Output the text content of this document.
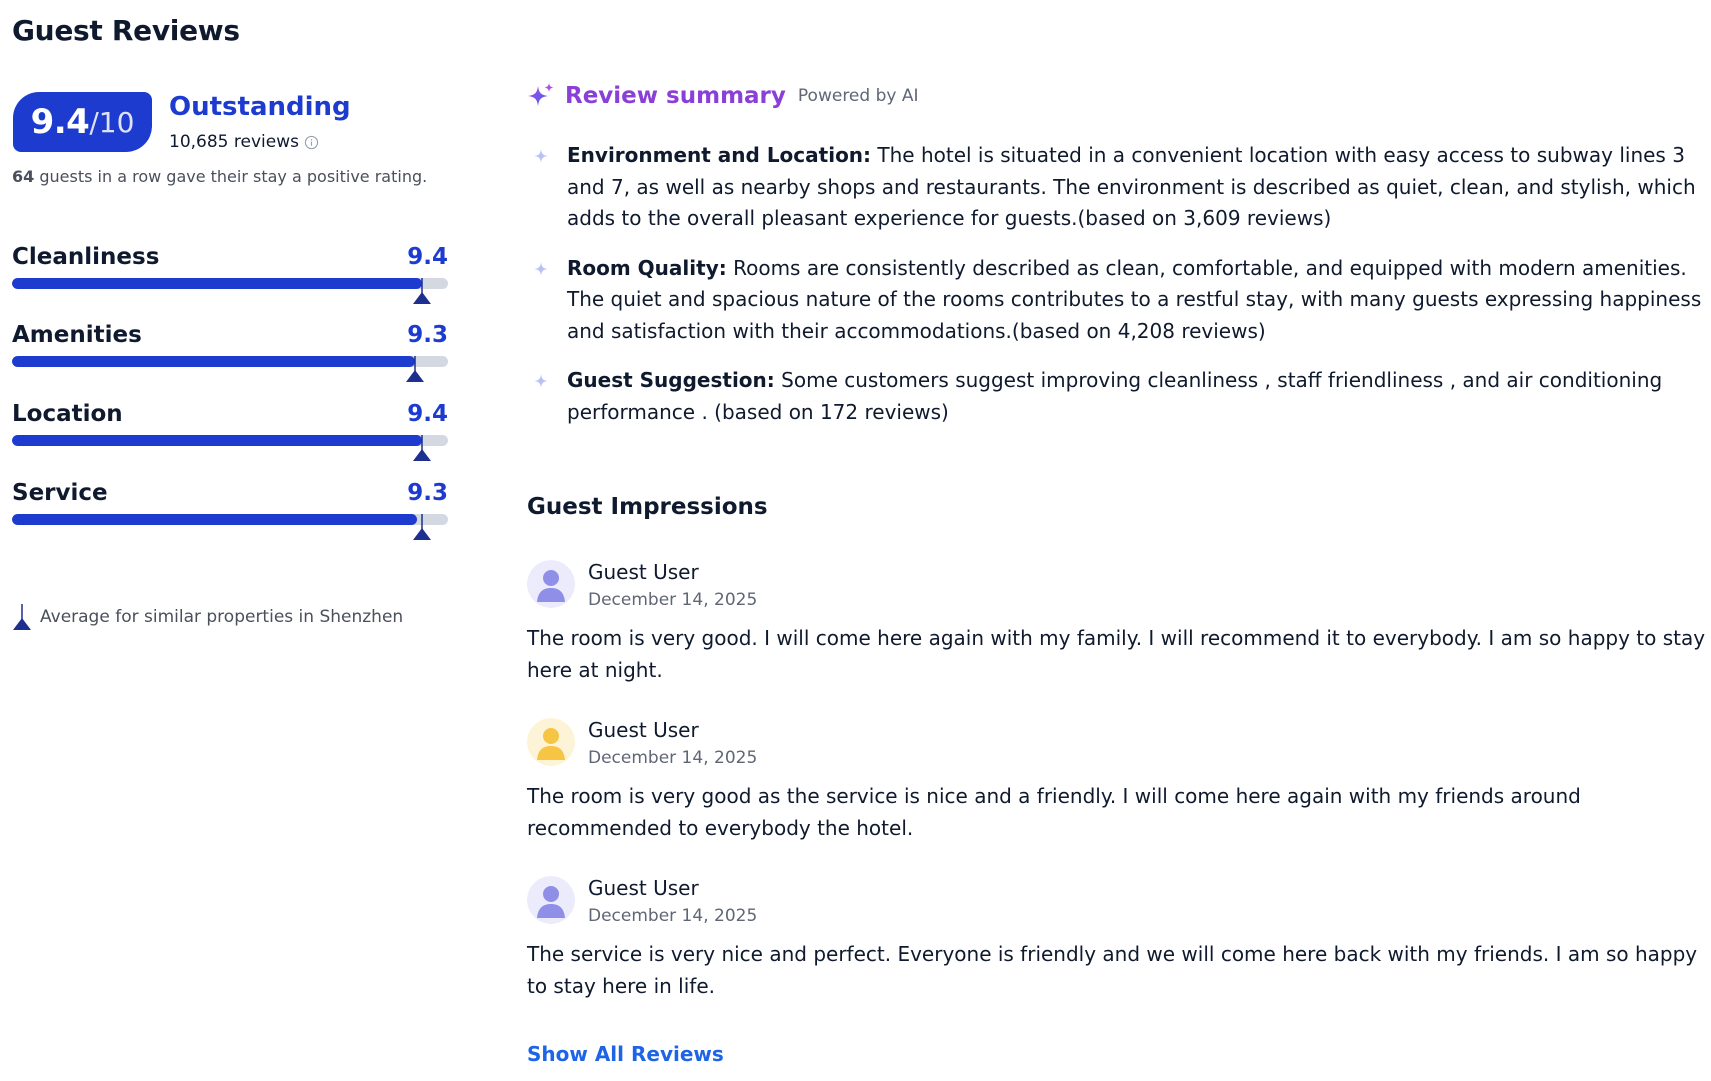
Guest Reviews
9.4 /10 Outstanding
10,685 reviews
64 guests in a row gave their stay a positive rating.
Cleanliness	9.4
Amenities	9.3
Location	9.4
Service	9.3
Average for similar properties in Shenzhen
Review summary Powered by AI
Environment and Location: The hotel is situated in a convenient location with easy access to subway lines 3 and 7, as well as nearby shops and restaurants. The environment is described as quiet, clean, and stylish, which adds to the overall pleasant experience for guests.(based on 3,609 reviews)
Room Quality: Rooms are consistently described as clean, comfortable, and equipped with modern amenities. The quiet and spacious nature of the rooms contributes to a restful stay, with many guests expressing happiness and satisfaction with their accommodations.(based on 4,208 reviews)
Guest Suggestion: Some customers suggest improving cleanliness , staff friendliness , and air conditioning performance . (based on 172 reviews)
Guest Impressions
Guest User
December 14, 2025

The room is very good. I will come here again with my family. I will recommend it to everybody. I am so happy to stay here at night. ￼

Guest User
December 14, 2025

The room is very good as the service is nice and a friendly. I will come here again with￼ my friends around recommended to everybody the hotel.

Guest User
December 14, 2025

The service is very nice and perfect. Everyone is friendly and we will come here back with my friends. I am so happy to stay here in life. ￼

Show All Reviews
